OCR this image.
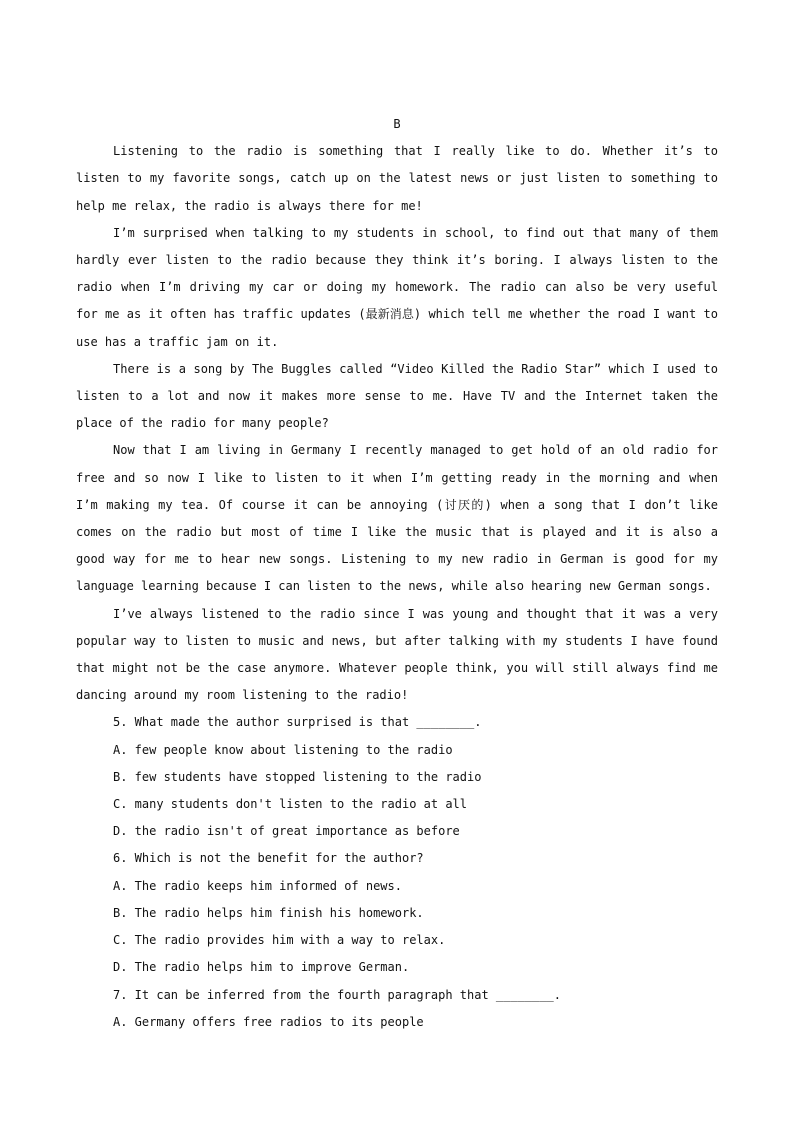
B

Listening to the radio is something that I really like to do. Whether it’s to listen to my favorite songs, catch up on the latest news or just listen to something to help me relax, the radio is always there for me!

I’m surprised when talking to my students in school, to find out that many of them hardly ever listen to the radio because they think it’s boring. I always listen to the radio when I’m driving my car or doing my homework. The radio can also be very useful for me as it often has traffic updates (最新消息) which tell me whether the road I want to use has a traffic jam on it.

There is a song by The Buggles called “Video Killed the Radio Star” which I used to listen to a lot and now it makes more sense to me. Have TV and the Internet taken the place of the radio for many people?

Now that I am living in Germany I recently managed to get hold of an old radio for free and so now I like to listen to it when I’m getting ready in the morning and when I’m making my tea. Of course it can be annoying (讨厌的) when a song that I don’t like comes on the radio but most of time I like the music that is played and it is also a good way for me to hear new songs. Listening to my new radio in German is good for my language learning because I can listen to the news, while also hearing new German songs.

I’ve always listened to the radio since I was young and thought that it was a very popular way to listen to music and news, but after talking with my students I have found that might not be the case anymore. Whatever people think, you will still always find me dancing around my room listening to the radio!

5. What made the author surprised is that ________.

A. few people know about listening to the radio

B. few students have stopped listening to the radio

C. many students don't listen to the radio at all

D. the radio isn't of great importance as before

6. Which is not the benefit for the author?

A. The radio keeps him informed of news.

B. The radio helps him finish his homework.

C. The radio provides him with a way to relax.

D. The radio helps him to improve German.

7. It can be inferred from the fourth paragraph that ________.

A. Germany offers free radios to its people
